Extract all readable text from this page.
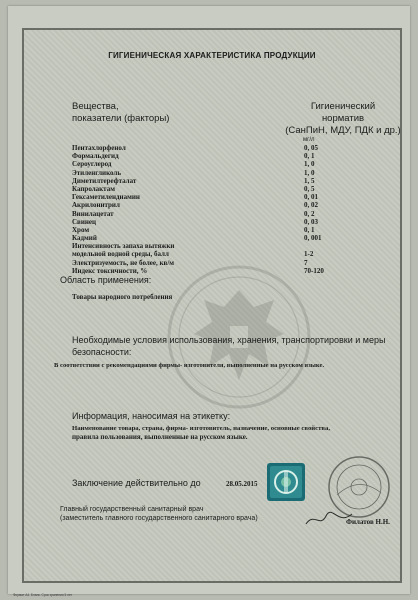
ГИГИЕНИЧЕСКАЯ ХАРАКТЕРИСТИКА ПРОДУКЦИИ
Вещества,
показатели (факторы)
Гигиенический
норматив
(СанПиН, МДУ, ПДК и др.)
мг/л
Пентахлорфенол	0, 05
Формальдегид	0, 1
Сероуглерод	1, 0
Этиленгликоль	1, 0
Диметилтерефталат	1, 5
Капролактам	0, 5
Гексаметилендиамин	0, 01
Акрилонитрил	0, 02
Винилацетат	0, 2
Свинец	0, 03
Хром	0, 1
Кадмий	0, 001
Интенсивность запаха вытяжки
модельной водной среды, балл	1-2
Электризуемость, не более, кв/м	7
Индекс токсичности, %	70-120
Область применения:
Товары народного потребления
Необходимые условия использования, хранения, транспортировки и меры
безопасности:
В соответствии с рекомендациями фирмы- изготовителя, выполненные на русском языке.
Информация, наносимая на этикетку:
Наименование товара, страна, фирма- изготовитель, назначение, основные свойства,
правила пользования, выполненные на русском языке.
Заключение действительно до	28.05.2015
Главный государственный санитарный врач
(заместитель главного государственного санитарного врача)	Филатов Н.Н.
Формат А4. Бланк. Срок хранения 5 лет
